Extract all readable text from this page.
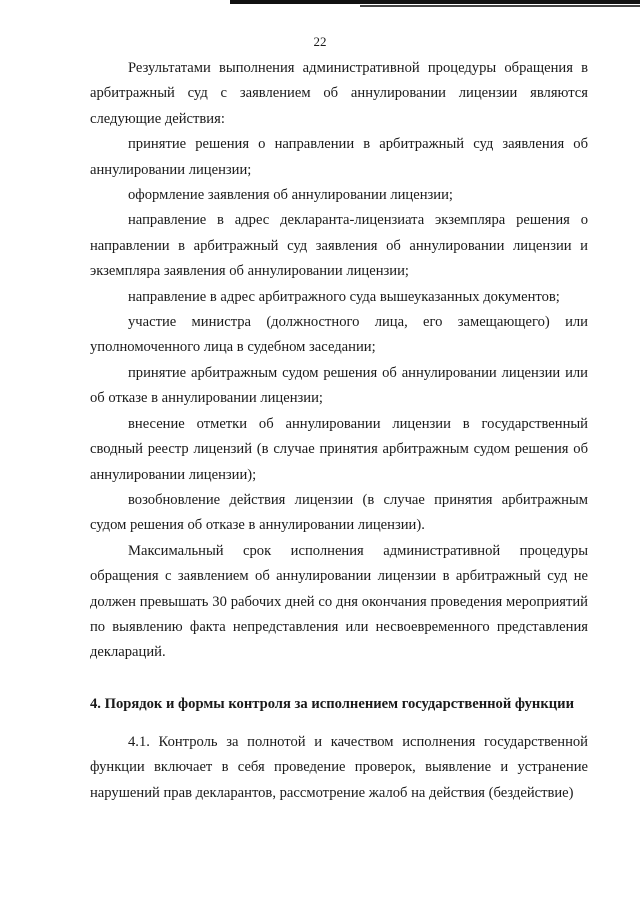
22

Результатами выполнения административной процедуры обращения в арбитражный суд с заявлением об аннулировании лицензии являются следующие действия:

принятие решения о направлении в арбитражный суд заявления об аннулировании лицензии;

оформление заявления об аннулировании лицензии;

направление в адрес декларанта-лицензиата экземпляра решения о направлении в арбитражный суд заявления об аннулировании лицензии и экземпляра заявления об аннулировании лицензии;

направление в адрес арбитражного суда вышеуказанных документов;

участие министра (должностного лица, его замещающего) или уполномоченного лица в судебном заседании;

принятие арбитражным судом решения об аннулировании лицензии или об отказе в аннулировании лицензии;

внесение отметки об аннулировании лицензии в государственный сводный реестр лицензий (в случае принятия арбитражным судом решения об аннулировании лицензии);

возобновление действия лицензии (в случае принятия арбитражным судом решения об отказе в аннулировании лицензии).

Максимальный срок исполнения административной процедуры обращения с заявлением об аннулировании лицензии в арбитражный суд не должен превышать 30 рабочих дней со дня окончания проведения мероприятий по выявлению факта непредставления или несвоевременного представления деклараций.

4. Порядок и формы контроля за исполнением государственной функции

4.1. Контроль за полнотой и качеством исполнения государственной функции включает в себя проведение проверок, выявление и устранение нарушений прав декларантов, рассмотрение жалоб на действия (бездействие)
